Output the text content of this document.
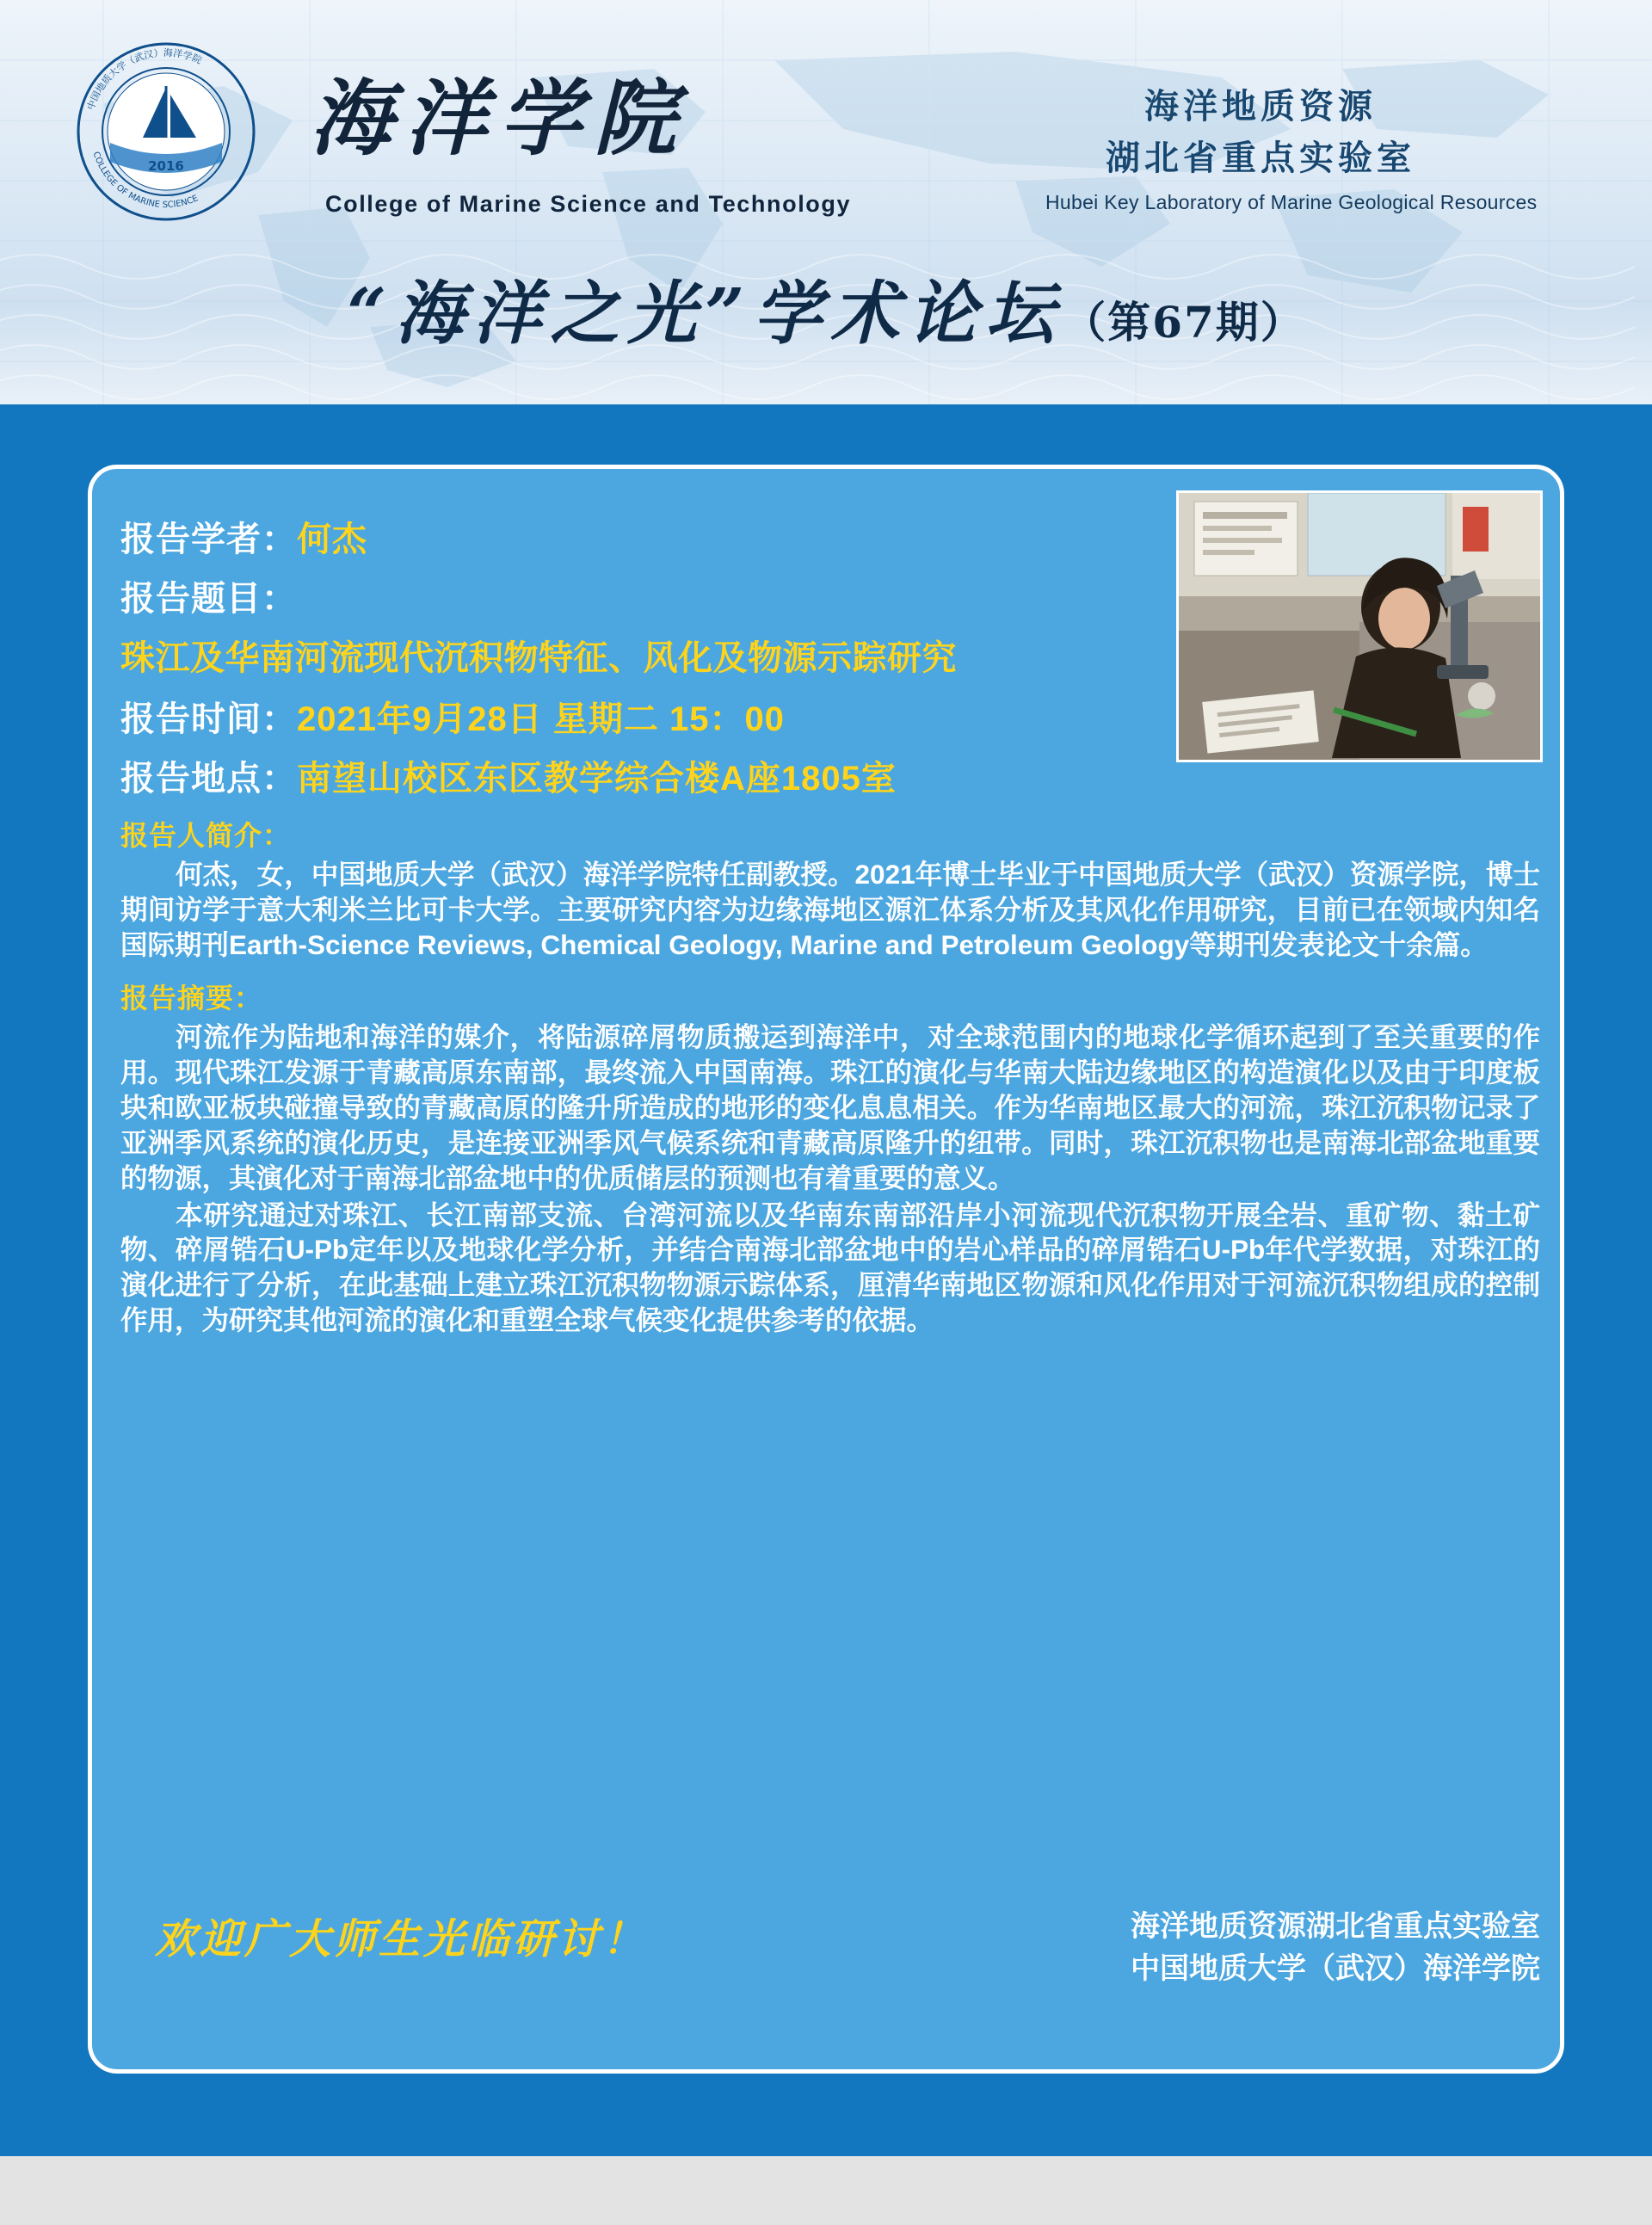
2016
中国地质大学（武汉）海洋学院
COLLEGE OF MARINE SCIENCE
海洋学院
College of Marine Science and Technology
海洋地质资源
湖北省重点实验室
Hubei Key Laboratory of Marine Geological Resources
“海洋之光”学术论坛（第67期）
报告学者： 何杰
报告题目：
珠江及华南河流现代沉积物特征、风化及物源示踪研究
报告时间： 2021年9月28日 星期二 15：00
报告地点： 南望山校区东区教学综合楼A座1805室
报告人简介：

何杰，女，中国地质大学（武汉）海洋学院特任副教授。2021年博士毕业于中国地质大学（武汉）资源学院，博士期间访学于意大利米兰比可卡大学。主要研究内容为边缘海地区源汇体系分析及其风化作用研究，目前已在领域内知名国际期刊Earth-Science Reviews, Chemical Geology, Marine and Petroleum Geology等期刊发表论文十余篇。

报告摘要：

河流作为陆地和海洋的媒介，将陆源碎屑物质搬运到海洋中，对全球范围内的地球化学循环起到了至关重要的作用。现代珠江发源于青藏高原东南部，最终流入中国南海。珠江的演化与华南大陆边缘地区的构造演化以及由于印度板块和欧亚板块碰撞导致的青藏高原的隆升所造成的地形的变化息息相关。作为华南地区最大的河流，珠江沉积物记录了亚洲季风系统的演化历史，是连接亚洲季风气候系统和青藏高原隆升的纽带。同时，珠江沉积物也是南海北部盆地重要的物源，其演化对于南海北部盆地中的优质储层的预测也有着重要的意义。

本研究通过对珠江、长江南部支流、台湾河流以及华南东南部沿岸小河流现代沉积物开展全岩、重矿物、黏土矿物、碎屑锆石U-Pb定年以及地球化学分析，并结合南海北部盆地中的岩心样品的碎屑锆石U-Pb年代学数据，对珠江的演化进行了分析，在此基础上建立珠江沉积物物源示踪体系，厘清华南地区物源和风化作用对于河流沉积物组成的控制作用，为研究其他河流的演化和重塑全球气候变化提供参考的依据。

欢迎广大师生光临研讨！	海洋地质资源湖北省重点实验室
中国地质大学（武汉）海洋学院
